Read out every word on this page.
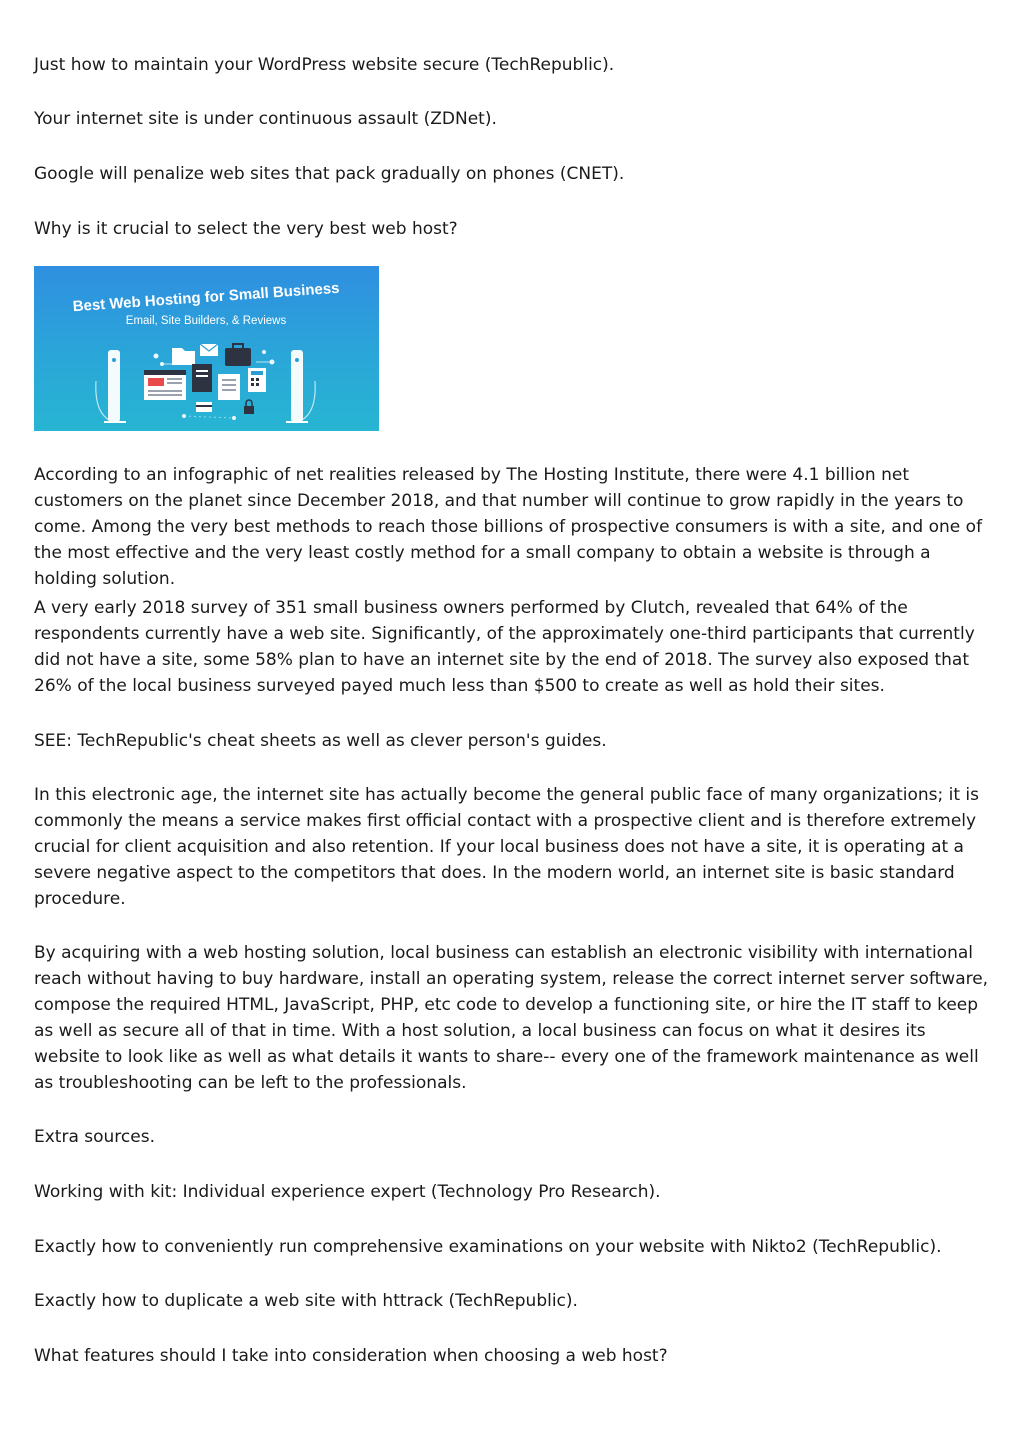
Just how to maintain your WordPress website secure (TechRepublic).

Your internet site is under continuous assault (ZDNet).

Google will penalize web sites that pack gradually on phones (CNET).

Why is it crucial to select the very best web host?

Best Web Hosting for Small Business
Email, Site Builders, & Reviews

According to an infographic of net realities released by The Hosting Institute, there were 4.1 billion net customers on the planet since December 2018, and that number will continue to grow rapidly in the years to come. Among the very best methods to reach those billions of prospective consumers is with a site, and one of the most effective and the very least costly method for a small company to obtain a website is through a holding solution.

A very early 2018 survey of 351 small business owners performed by Clutch, revealed that 64% of the respondents currently have a web site. Significantly, of the approximately one-third participants that currently did not have a site, some 58% plan to have an internet site by the end of 2018. The survey also exposed that 26% of the local business surveyed payed much less than $500 to create as well as hold their sites.

SEE: TechRepublic's cheat sheets as well as clever person's guides.

In this electronic age, the internet site has actually become the general public face of many organizations; it is commonly the means a service makes first official contact with a prospective client and is therefore extremely crucial for client acquisition and also retention. If your local business does not have a site, it is operating at a severe negative aspect to the competitors that does. In the modern world, an internet site is basic standard procedure.

By acquiring with a web hosting solution, local business can establish an electronic visibility with international reach without having to buy hardware, install an operating system, release the correct internet server software, compose the required HTML, JavaScript, PHP, etc code to develop a functioning site, or hire the IT staff to keep as well as secure all of that in time. With a host solution, a local business can focus on what it desires its website to look like as well as what details it wants to share-- every one of the framework maintenance as well as troubleshooting can be left to the professionals.

Extra sources.

Working with kit: Individual experience expert (Technology Pro Research).

Exactly how to conveniently run comprehensive examinations on your website with Nikto2 (TechRepublic).

Exactly how to duplicate a web site with httrack (TechRepublic).

What features should I take into consideration when choosing a web host?
